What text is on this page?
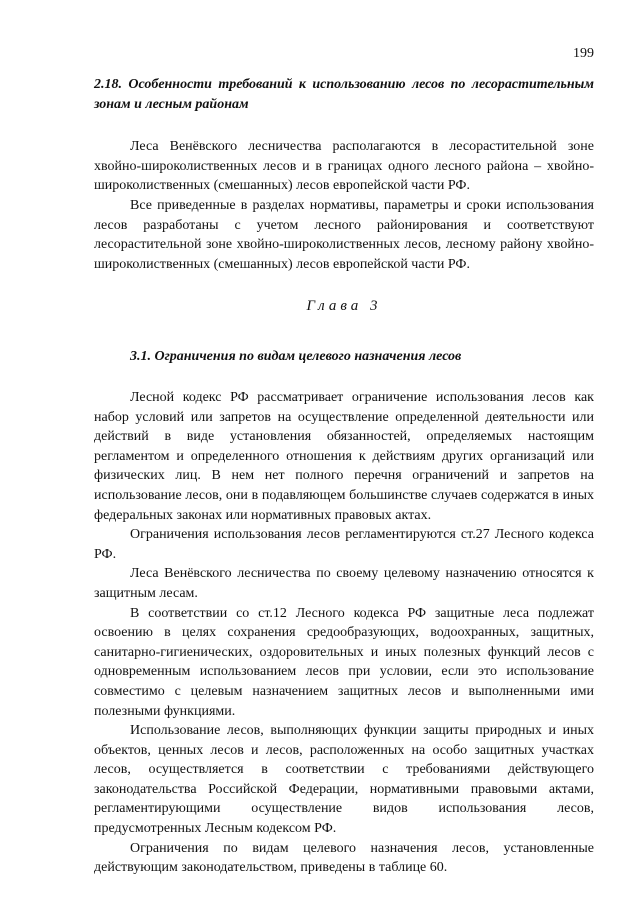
199
2.18. Особенности требований к использованию лесов по лесорастительным зонам и лесным районам

Леса Венёвского лесничества располагаются в лесорастительной зоне хвойно-широколиственных лесов и в границах одного лесного района – хвойно-широколиственных (смешанных) лесов европейской части РФ.

Все приведенные в разделах нормативы, параметры и сроки использования лесов разработаны с учетом лесного районирования и соответствуют лесорастительной зоне хвойно-широколиственных лесов, лесному району хвойно-широколиственных (смешанных) лесов европейской части РФ.

Глава 3
3.1. Ограничения по видам целевого назначения лесов

Лесной кодекс РФ рассматривает ограничение использования лесов как набор условий или запретов на осуществление определенной деятельности или действий в виде установления обязанностей, определяемых настоящим регламентом и определенного отношения к действиям других организаций или физических лиц. В нем нет полного перечня ограничений и запретов на использование лесов, они в подавляющем большинстве случаев содержатся в иных федеральных законах или нормативных правовых актах.

Ограничения использования лесов регламентируются ст.27 Лесного кодекса РФ.

Леса Венёвского лесничества по своему целевому назначению относятся к защитным лесам.

В соответствии со ст.12 Лесного кодекса РФ защитные леса подлежат освоению в целях сохранения средообразующих, водоохранных, защитных, санитарно-гигиенических, оздоровительных и иных полезных функций лесов с одновременным использованием лесов при условии, если это использование совместимо с целевым назначением защитных лесов и выполненными ими полезными функциями.

Использование лесов, выполняющих функции защиты природных и иных объектов, ценных лесов и лесов, расположенных на особо защитных участках лесов, осуществляется в соответствии с требованиями действующего законодательства Российской Федерации, нормативными правовыми актами, регламентирующими осуществление видов использования лесов, предусмотренных Лесным кодексом РФ.

Ограничения по видам целевого назначения лесов, установленные действующим законодательством, приведены в таблице 60.
